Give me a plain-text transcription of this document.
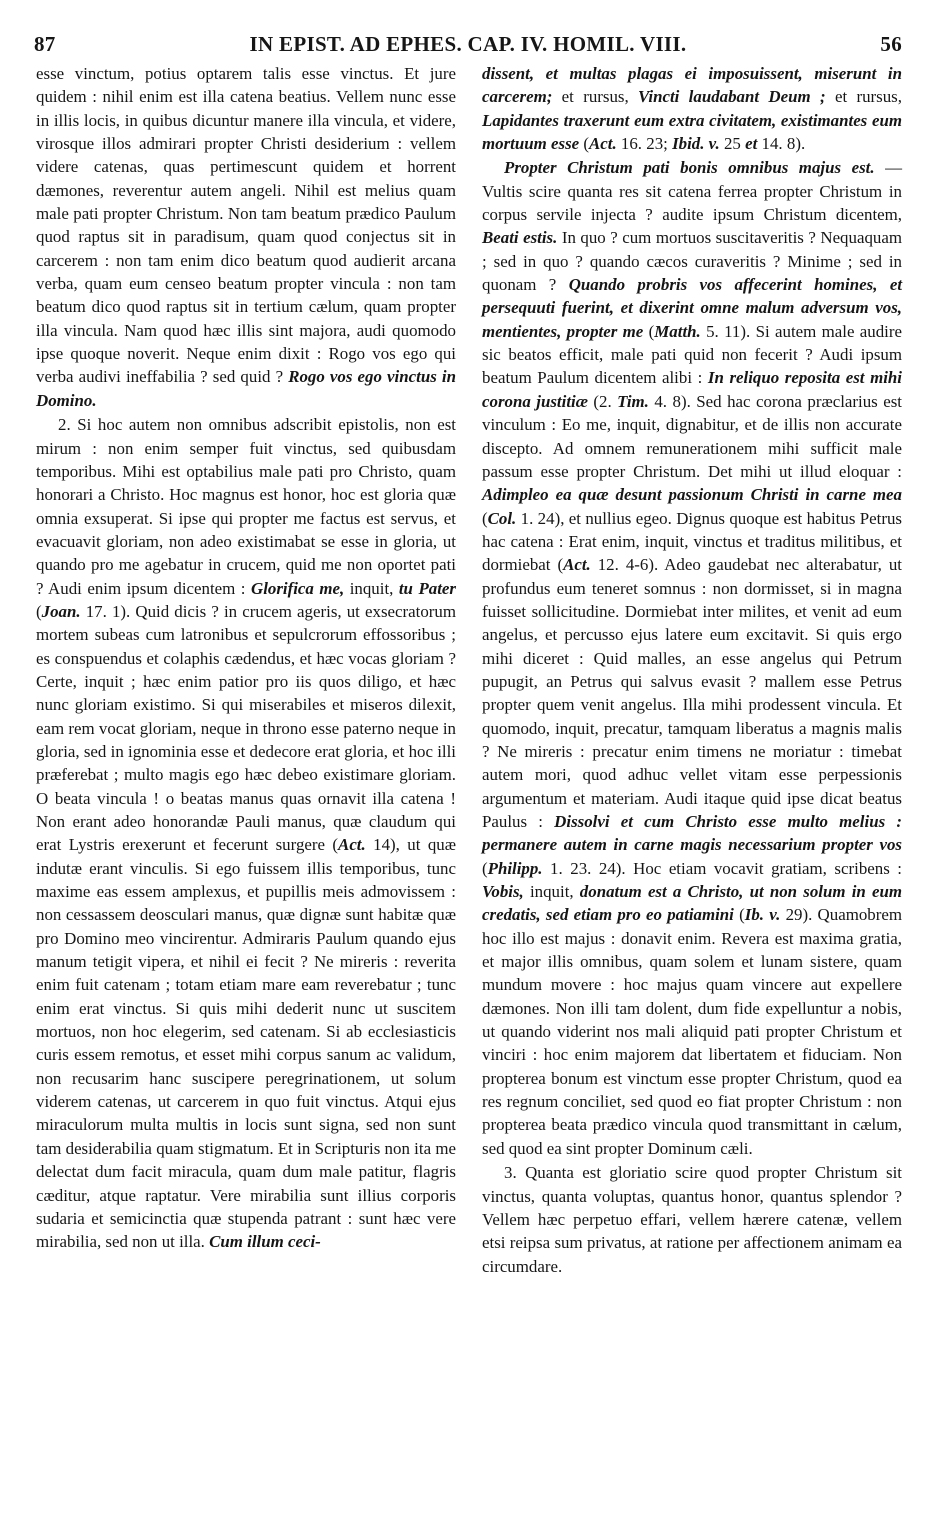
87	IN EPIST. AD EPHES. CAP. IV. HOMIL. VIII.	56

esse vinctum, potius optarem talis esse vinctus. Et jure quidem : nihil enim est illa catena beatius. Vellem nunc esse in illis locis, in quibus dicuntur manere illa vincula, et videre, virosque illos admirari propter Christi desiderium : vellem videre catenas, quas pertimescunt quidem et horrent dæmones, reverentur autem angeli. Nihil est melius quam male pati propter Christum. Non tam beatum prædico Paulum quod raptus sit in paradisum, quam quod conjectus sit in carcerem : non tam enim dico beatum quod audierit arcana verba, quam eum censeo beatum propter vincula : non tam beatum dico quod raptus sit in tertium cælum, quam propter illa vincula. Nam quod hæc illis sint majora, audi quomodo ipse quoque noverit. Neque enim dixit : Rogo vos ego qui verba audivi ineffabilia ? sed quid ? Rogo vos ego vinctus in Domino.

2. Si hoc autem non omnibus adscribit epistolis, non est mirum : non enim semper fuit vinctus, sed quibusdam temporibus. Mihi est optabilius male pati pro Christo, quam honorari a Christo. Hoc magnus est honor, hoc est gloria quæ omnia exsuperat. Si ipse qui propter me factus est servus, et evacuavit gloriam, non adeo existimabat se esse in gloria, ut quando pro me agebatur in crucem, quid me non oportet pati ? Audi enim ipsum dicentem : Glorifica me, inquit, tu Pater (Joan. 17. 1). Quid dicis ? in crucem ageris, ut exsecratorum mortem subeas cum latronibus et sepulcrorum effossoribus ; es conspuendus et colaphis cædendus, et hæc vocas gloriam ? Certe, inquit ; hæc enim patior pro iis quos diligo, et hæc nunc gloriam existimo. Si qui miserabiles et miseros dilexit, eam rem vocat gloriam, neque in throno esse paterno neque in gloria, sed in ignominia esse et dedecore erat gloria, et hoc illi præferebat ; multo magis ego hæc debeo existimare gloriam. O beata vincula ! o beatas manus quas ornavit illa catena ! Non erant adeo honorandæ Pauli manus, quæ claudum qui erat Lystris erexerunt et fecerunt surgere (Act. 14), ut quæ indutæ erant vinculis. Si ego fuissem illis temporibus, tunc maxime eas essem amplexus, et pupillis meis admovissem : non cessassem deosculari manus, quæ dignæ sunt habitæ quæ pro Domino meo vincirentur. Admiraris Paulum quando ejus manum tetigit vipera, et nihil ei fecit ? Ne mireris : reverita enim fuit catenam ; totam etiam mare eam reverebatur ; tunc enim erat vinctus. Si quis mihi dederit nunc ut suscitem mortuos, non hoc elegerim, sed catenam. Si ab ecclesiasticis curis essem remotus, et esset mihi corpus sanum ac validum, non recusarim hanc suscipere peregrinationem, ut solum viderem catenas, ut carcerem in quo fuit vinctus. Atqui ejus miraculorum multa multis in locis sunt signa, sed non sunt tam desiderabilia quam stigmatum. Et in Scripturis non ita me delectat dum facit miracula, quam dum male patitur, flagris cæditur, atque raptatur. Vere mirabilia sunt illius corporis sudaria et semicinctia quæ stupenda patrant : sunt hæc vere mirabilia, sed non ut illa. Cum illum ceci-

dissent, et multas plagas ei imposuissent, miserunt in carcerem; et rursus, Vincti laudabant Deum ; et rursus, Lapidantes traxerunt eum extra civitatem, existimantes eum mortuum esse (Act. 16. 23; Ibid. v. 25 et 14. 8).

Propter Christum pati bonis omnibus majus est. — Vultis scire quanta res sit catena ferrea propter Christum in corpus servile injecta ? audite ipsum Christum dicentem, Beati estis. In quo ? cum mortuos suscitaveritis ? Nequaquam ; sed in quo ? quando cæcos curaveritis ? Minime ; sed in quonam ? Quando probris vos affecerint homines, et persequuti fuerint, et dixerint omne malum adversum vos, mentientes, propter me (Matth. 5. 11). Si autem male audire sic beatos efficit, male pati quid non fecerit ? Audi ipsum beatum Paulum dicentem alibi : In reliquo reposita est mihi corona justitiæ (2. Tim. 4. 8). Sed hac corona præclarius est vinculum : Eo me, inquit, dignabitur, et de illis non accurate discepto. Ad omnem remunerationem mihi sufficit male passum esse propter Christum. Det mihi ut illud eloquar : Adimpleo ea quæ desunt passionum Christi in carne mea (Col. 1. 24), et nullius egeo. Dignus quoque est habitus Petrus hac catena : Erat enim, inquit, vinctus et traditus militibus, et dormiebat (Act. 12. 4-6). Adeo gaudebat nec alterabatur, ut profundus eum teneret somnus : non dormisset, si in magna fuisset sollicitudine. Dormiebat inter milites, et venit ad eum angelus, et percusso ejus latere eum excitavit. Si quis ergo mihi diceret : Quid malles, an esse angelus qui Petrum pupugit, an Petrus qui salvus evasit ? mallem esse Petrus propter quem venit angelus. Illa mihi prodessent vincula. Et quomodo, inquit, precatur, tamquam liberatus a magnis malis ? Ne mireris : precatur enim timens ne moriatur : timebat autem mori, quod adhuc vellet vitam esse perpessionis argumentum et materiam. Audi itaque quid ipse dicat beatus Paulus : Dissolvi et cum Christo esse multo melius : permanere autem in carne magis necessarium propter vos (Philipp. 1. 23. 24). Hoc etiam vocavit gratiam, scribens : Vobis, inquit, donatum est a Christo, ut non solum in eum credatis, sed etiam pro eo patiamini (Ib. v. 29). Quamobrem hoc illo est majus : donavit enim. Revera est maxima gratia, et major illis omnibus, quam solem et lunam sistere, quam mundum movere : hoc majus quam vincere aut expellere dæmones. Non illi tam dolent, dum fide expelluntur a nobis, ut quando viderint nos mali aliquid pati propter Christum et vinciri : hoc enim majorem dat libertatem et fiduciam. Non propterea bonum est vinctum esse propter Christum, quod ea res regnum conciliet, sed quod eo fiat propter Christum : non propterea beata prædico vincula quod transmittant in cælum, sed quod ea sint propter Dominum cæli.

3. Quanta est gloriatio scire quod propter Christum sit vinctus, quanta voluptas, quantus honor, quantus splendor ? Vellem hæc perpetuo effari, vellem hærere catenæ, vellem etsi reipsa sum privatus, at ratione per affectionem animam ea circumdare.
